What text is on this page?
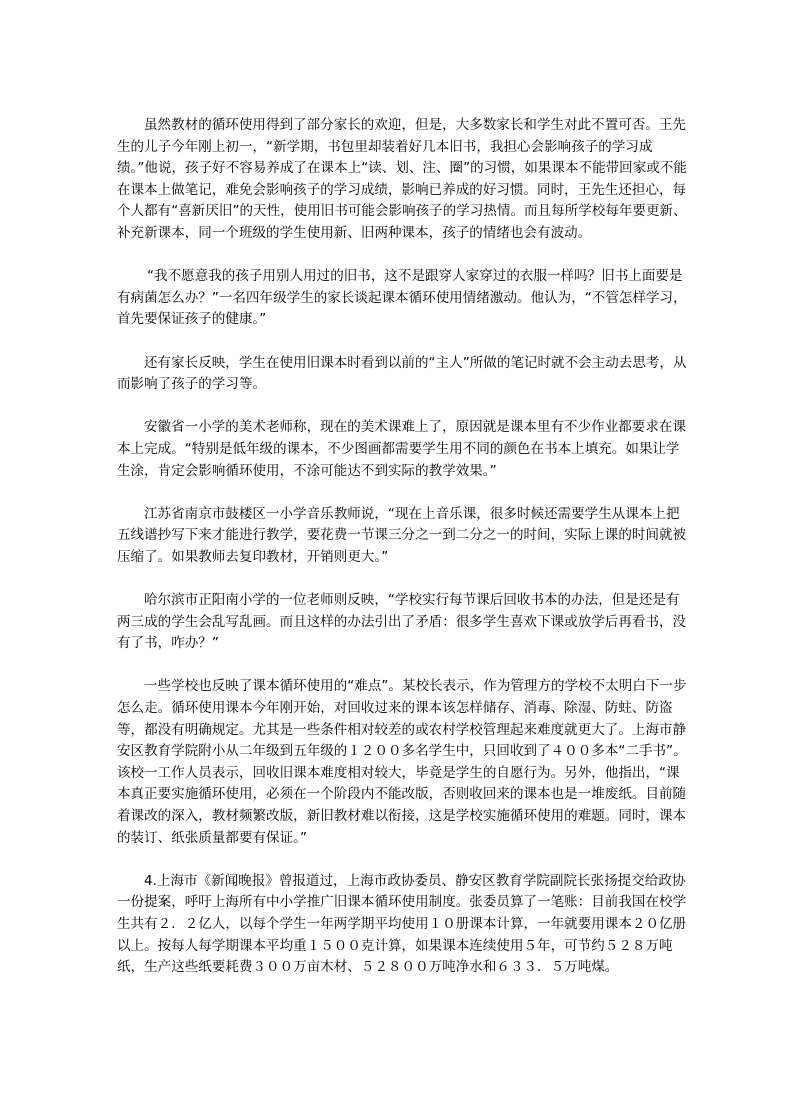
虽然教材的循环使用得到了部分家长的欢迎，但是，大多数家长和学生对此不置可否。王先生的儿子今年刚上初一，“新学期，书包里却装着好几本旧书，我担心会影响孩子的学习成绩。”他说，孩子好不容易养成了在课本上“读、划、注、圈”的习惯，如果课本不能带回家或不能在课本上做笔记，难免会影响孩子的学习成绩，影响已养成的好习惯。同时，王先生还担心，每个人都有“喜新厌旧”的天性，使用旧书可能会影响孩子的学习热情。而且每所学校每年要更新、补充新课本，同一个班级的学生使用新、旧两种课本，孩子的情绪也会有波动。

“我不愿意我的孩子用别人用过的旧书，这不是跟穿人家穿过的衣服一样吗？旧书上面要是有病菌怎么办？”一名四年级学生的家长谈起课本循环使用情绪激动。他认为，“不管怎样学习，首先要保证孩子的健康。”

还有家长反映，学生在使用旧课本时看到以前的“主人”所做的笔记时就不会主动去思考，从而影响了孩子的学习等。

安徽省一小学的美术老师称，现在的美术课难上了，原因就是课本里有不少作业都要求在课本上完成。“特别是低年级的课本，不少图画都需要学生用不同的颜色在书本上填充。如果让学生涂，肯定会影响循环使用，不涂可能达不到实际的教学效果。”

江苏省南京市鼓楼区一小学音乐教师说，“现在上音乐课，很多时候还需要学生从课本上把五线谱抄写下来才能进行教学，要花费一节课三分之一到二分之一的时间，实际上课的时间就被压缩了。如果教师去复印教材，开销则更大。”

哈尔滨市正阳南小学的一位老师则反映，“学校实行每节课后回收书本的办法，但是还是有两三成的学生会乱写乱画。而且这样的办法引出了矛盾：很多学生喜欢下课或放学后再看书，没有了书，咋办？”

一些学校也反映了课本循环使用的“难点”。某校长表示，作为管理方的学校不太明白下一步怎么走。循环使用课本今年刚开始，对回收过来的课本该怎样储存、消毒、除湿、防蛀、防盗等，都没有明确规定。尤其是一些条件相对较差的或农村学校管理起来难度就更大了。上海市静安区教育学院附小从二年级到五年级的１２００多名学生中，只回收到了４００多本“二手书”。该校一工作人员表示，回收旧课本难度相对较大，毕竟是学生的自愿行为。另外，他指出，“课本真正要实施循环使用，必须在一个阶段内不能改版，否则收回来的课本也是一堆废纸。目前随着课改的深入，教材频繁改版，新旧教材难以衔接，这是学校实施循环使用的难题。同时，课本的装订、纸张质量都要有保证。”

4.上海市《新闻晚报》曾报道过，上海市政协委员、静安区教育学院副院长张扬提交给政协一份提案，呼吁上海所有中小学推广旧课本循环使用制度。张委员算了一笔账：目前我国在校学生共有２．２亿人，以每个学生一年两学期平均使用１０册课本计算，一年就要用课本２０亿册以上。按每人每学期课本平均重１５００克计算，如果课本连续使用５年，可节约５２８万吨纸，生产这些纸要耗费３００万亩木材、５２８００万吨净水和６３３．５万吨煤。
